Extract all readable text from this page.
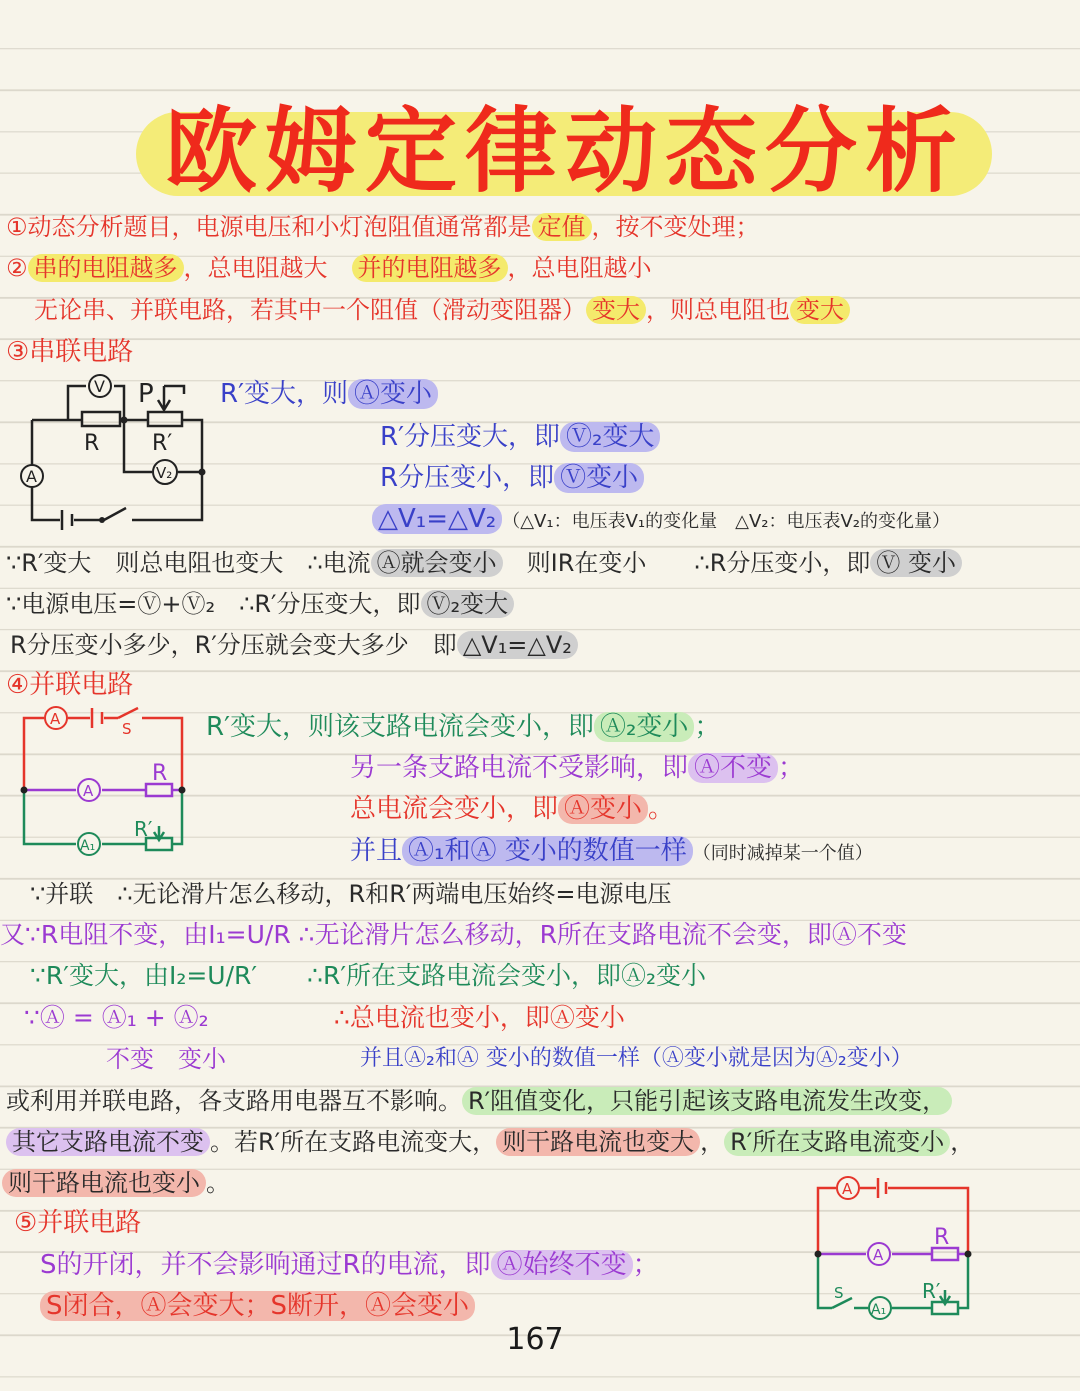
欧姆定律动态分析
①动态分析题目，电源电压和小灯泡阻值通常都是 定值 ，按不变处理；
② 串的电阻越多 ，总电阻越大　并的电阻越多 ，总电阻越小
无论串、并联电路，若其中一个阻值（滑动变阻器） 变大 ，则总电阻也 变大
③串联电路
V P
R R′
V₂
A
R′变大，则 Ⓐ变小
R′分压变大，即 Ⓥ₂变大
R分压变小，即 Ⓥ变小
△V₁=△V₂ （△V₁：电压表V₁的变化量　△V₂：电压表V₂的变化量）
∵R′变大　则总电阻也变大　∴电流 Ⓐ就会变小　则IR在变小　　∴R分压变小，即 Ⓥ 变小
∵电源电压=Ⓥ+Ⓥ₂　∴R′分压变大，即 Ⓥ₂变大
R分压变小多少，R′分压就会变大多少　即 △V₁=△V₂
④并联电路
A
S
R
A
R′
A₁
R′变大，则该支路电流会变小，即 Ⓐ₂变小 ；
另一条支路电流不受影响，即 Ⓐ不变 ；
总电流会变小，即 Ⓐ变小 。
并且 Ⓐ₁和Ⓐ 变小的数值一样 （同时减掉某一个值）
∵并联　∴无论滑片怎么移动，R和R′两端电压始终=电源电压
又∵R电阻不变，由I₁=U/R ∴无论滑片怎么移动，R所在支路电流不会变，即Ⓐ不变
∵R′变大，由I₂=U/R′ ∴R′所在支路电流会变小，即Ⓐ₂变小
∵Ⓐ = Ⓐ₁ + Ⓐ₂	∴总电流也变小，即Ⓐ变小
不变　变小	并且Ⓐ₂和Ⓐ 变小的数值一样（Ⓐ变小就是因为Ⓐ₂变小）
或利用并联电路，各支路用电器互不影响。 R′阻值变化，只能引起该支路电流发生改变，
其它支路电流不变 。若R′所在支路电流变大， 则干路电流也变大 ， R′所在支路电流变小 ，
则干路电流也变小 。
⑤并联电路
S的开闭，并不会影响通过R的电流，即 Ⓐ始终不变 ；
S闭合，Ⓐ会变大；S断开，Ⓐ会变小
A
R
A
S
A₁
R′
167
